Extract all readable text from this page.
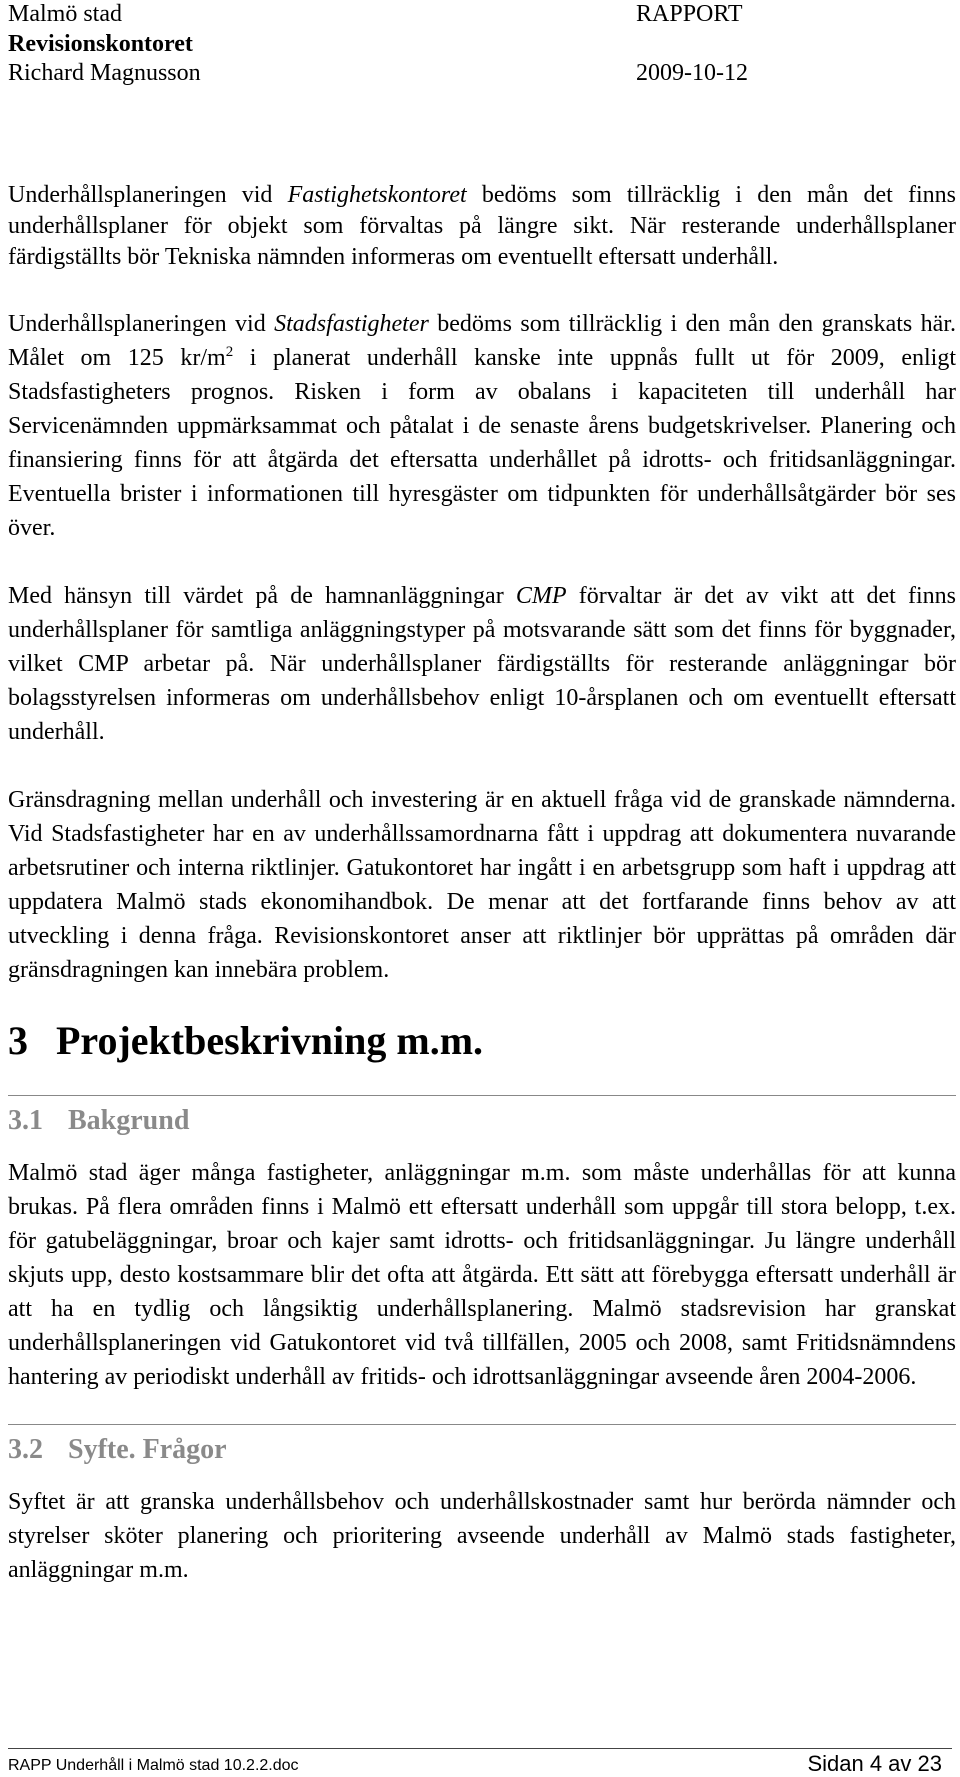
Malmö stad	RAPPORT
Revisionskontoret
Richard Magnusson	2009-10-12

Underhållsplaneringen vid Fastighetskontoret bedöms som tillräcklig i den mån det finns underhållsplaner för objekt som förvaltas på längre sikt. När resterande underhållsplaner färdigställts bör Tekniska nämnden informeras om eventuellt eftersatt underhåll.

Underhållsplaneringen vid Stadsfastigheter bedöms som tillräcklig i den mån den granskats här. Målet om 125 $kr/m^2$ i planerat underhåll kanske inte uppnås fullt ut för 2009, enligt Stadsfastigheters prognos. Risken i form av obalans i kapaciteten till underhåll har Servicenämnden uppmärksammat och påtalat i de senaste årens budgetskrivelser. Planering och finansiering finns för att åtgärda det eftersatta underhållet på idrotts- och fritidsanläggningar. Eventuella brister i informationen till hyresgäster om tidpunkten för underhållsåtgärder bör ses över.

Med hänsyn till värdet på de hamnanläggningar CMP förvaltar är det av vikt att det finns underhållsplaner för samtliga anläggningstyper på motsvarande sätt som det finns för byggnader, vilket CMP arbetar på. När underhållsplaner färdigställts för resterande anläggningar bör bolagsstyrelsen informeras om underhållsbehov enligt 10-årsplanen och om eventuellt eftersatt underhåll.

Gränsdragning mellan underhåll och investering är en aktuell fråga vid de granskade nämnderna. Vid Stadsfastigheter har en av underhållssamordnarna fått i uppdrag att dokumentera nuvarande arbetsrutiner och interna riktlinjer. Gatukontoret har ingått i en arbetsgrupp som haft i uppdrag att uppdatera Malmö stads ekonomihandbok. De menar att det fortfarande finns behov av att utveckling i denna fråga. Revisionskontoret anser att riktlinjer bör upprättas på områden där gränsdragningen kan innebära problem.

3 Projektbeskrivning m.m.
3.1 Bakgrund

Malmö stad äger många fastigheter, anläggningar m.m. som måste underhållas för att kunna brukas. På flera områden finns i Malmö ett eftersatt underhåll som uppgår till stora belopp, t.ex. för gatubeläggningar, broar och kajer samt idrotts- och fritidsanläggningar. Ju längre underhåll skjuts upp, desto kostsammare blir det ofta att åtgärda. Ett sätt att förebygga eftersatt underhåll är att ha en tydlig och långsiktig underhållsplanering. Malmö stadsrevision har granskat underhållsplaneringen vid Gatukontoret vid två tillfällen, 2005 och 2008, samt Fritidsnämndens hantering av periodiskt underhåll av fritids- och idrottsanläggningar avseende åren 2004-2006.

3.2 Syfte. Frågor

Syftet är att granska underhållsbehov och underhållskostnader samt hur berörda nämnder och styrelser sköter planering och prioritering avseende underhåll av Malmö stads fastigheter, anläggningar m.m.

RAPP Underhåll i Malmö stad 10.2.2.doc	Sidan 4 av 23
